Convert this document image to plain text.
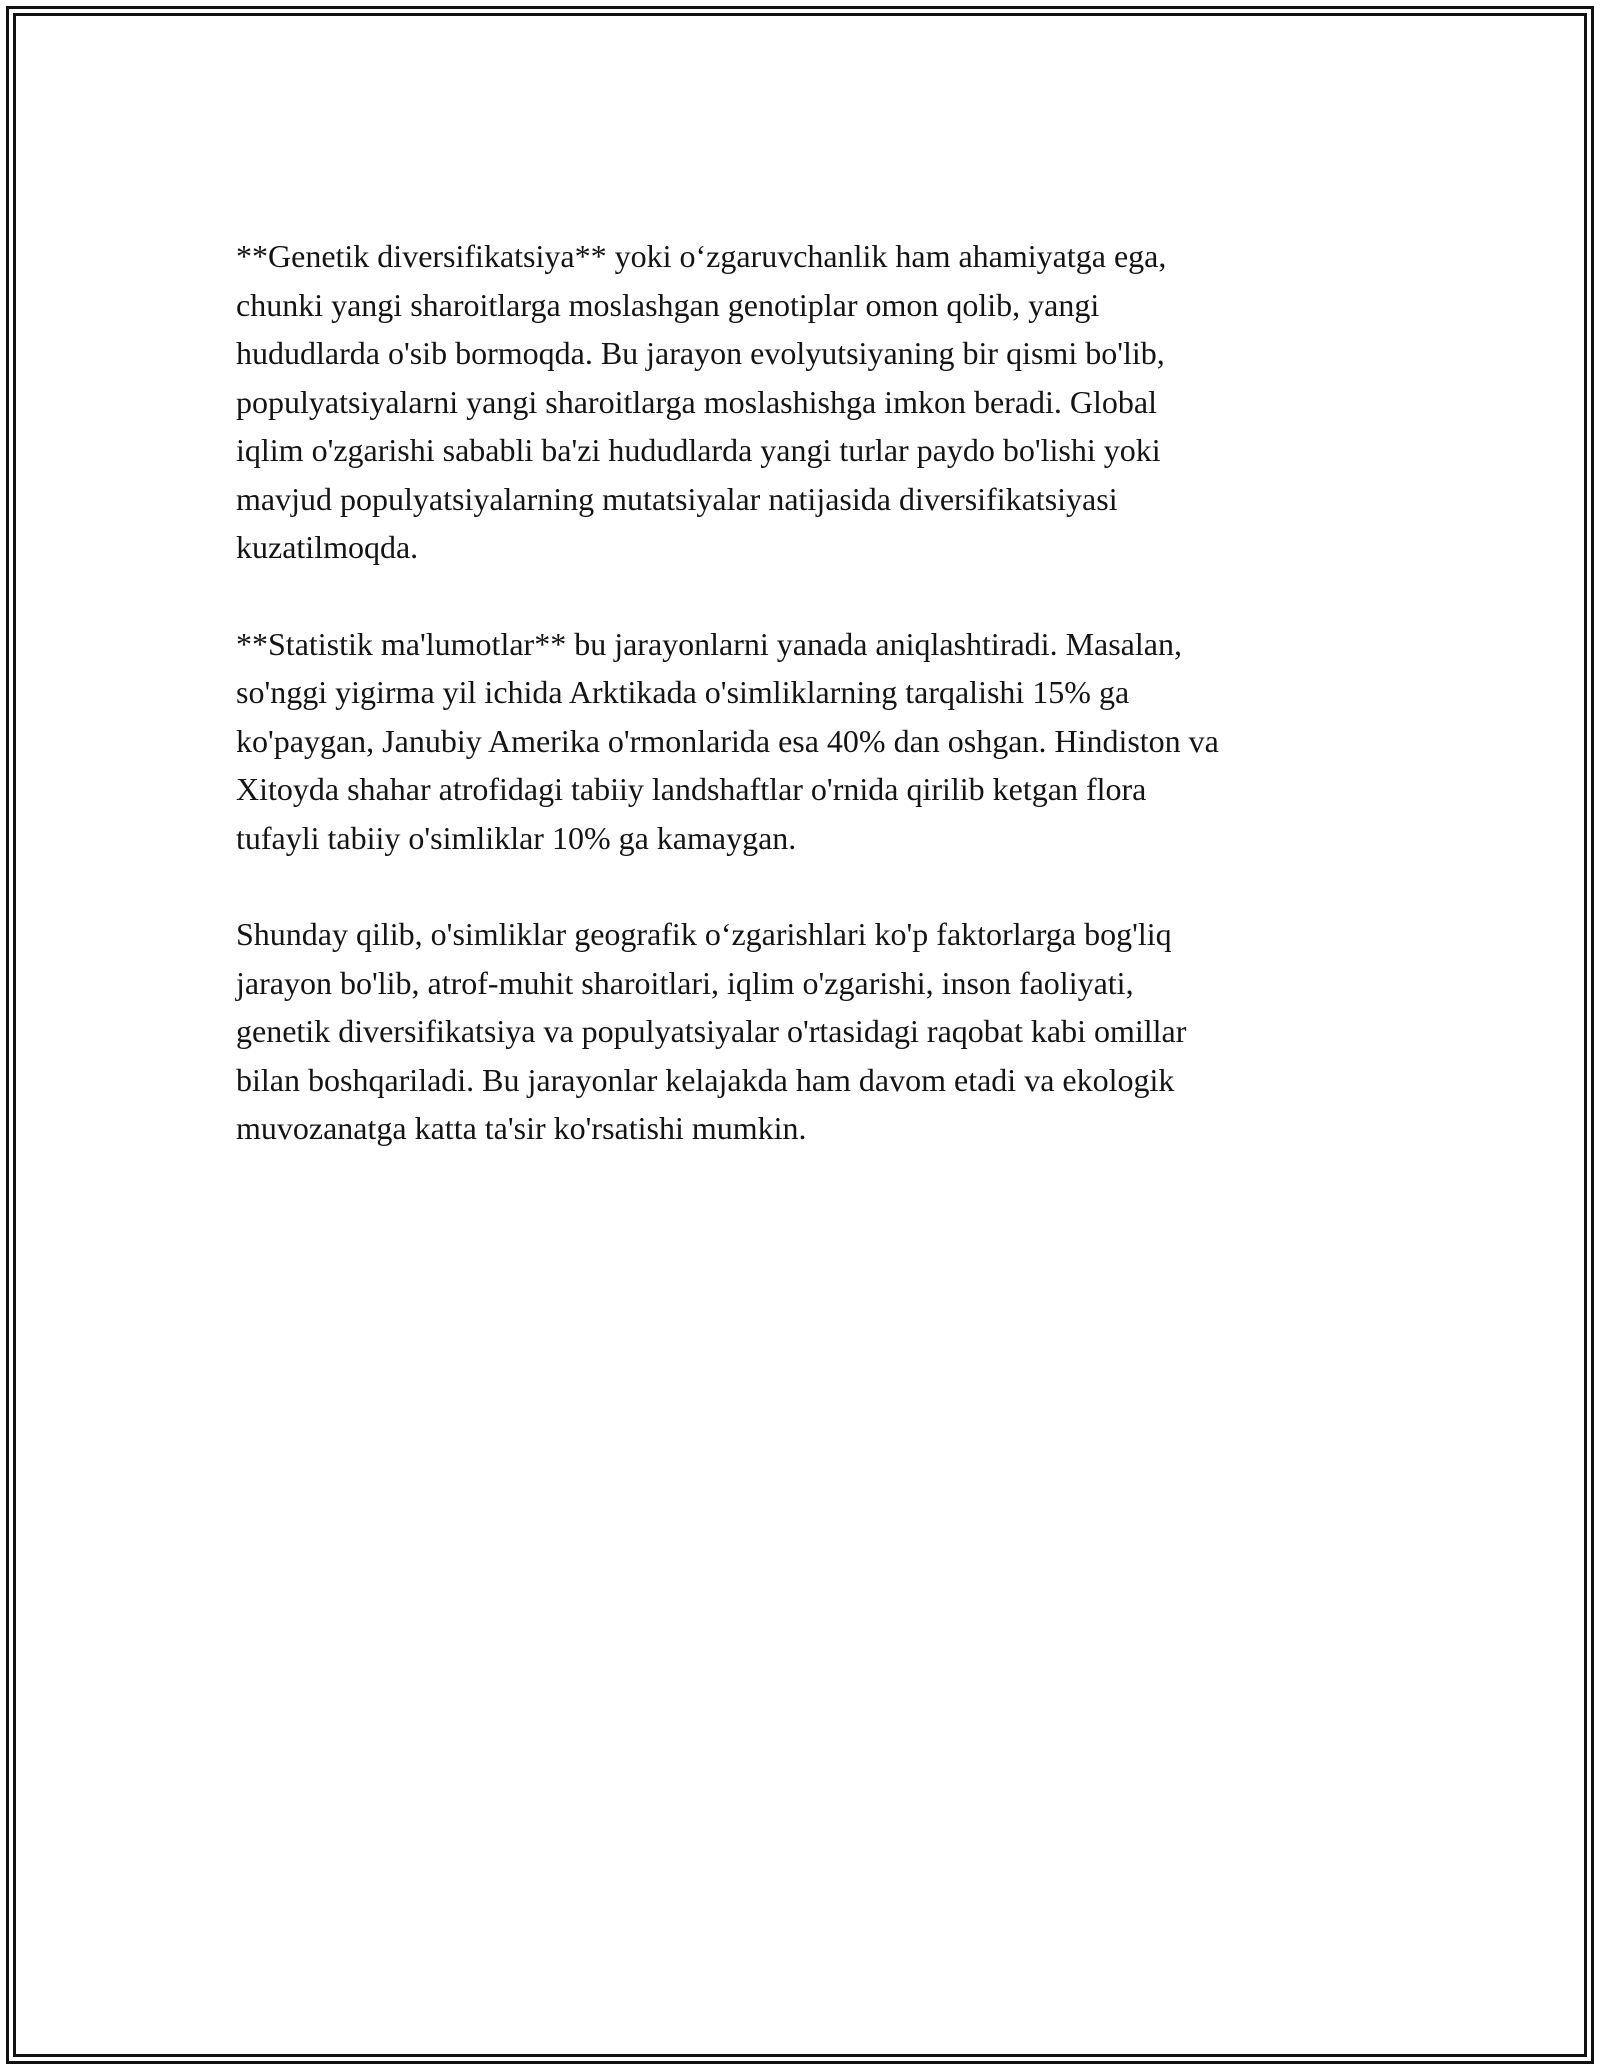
**Genetik diversifikatsiya** yoki o‘zgaruvchanlik ham ahamiyatga ega,
chunki yangi sharoitlarga moslashgan genotiplar omon qolib, yangi
hududlarda o'sib bormoqda. Bu jarayon evolyutsiyaning bir qismi bo'lib,
populyatsiyalarni yangi sharoitlarga moslashishga imkon beradi. Global
iqlim o'zgarishi sababli ba'zi hududlarda yangi turlar paydo bo'lishi yoki
mavjud populyatsiyalarning mutatsiyalar natijasida diversifikatsiyasi
kuzatilmoqda.

**Statistik ma'lumotlar** bu jarayonlarni yanada aniqlashtiradi. Masalan,
so'nggi yigirma yil ichida Arktikada o'simliklarning tarqalishi 15% ga
ko'paygan, Janubiy Amerika o'rmonlarida esa 40% dan oshgan. Hindiston va
Xitoyda shahar atrofidagi tabiiy landshaftlar o'rnida qirilib ketgan flora
tufayli tabiiy o'simliklar 10% ga kamaygan.

Shunday qilib, o'simliklar geografik o‘zgarishlari ko'p faktorlarga bog'liq
jarayon bo'lib, atrof-muhit sharoitlari, iqlim o'zgarishi, inson faoliyati,
genetik diversifikatsiya va populyatsiyalar o'rtasidagi raqobat kabi omillar
bilan boshqariladi. Bu jarayonlar kelajakda ham davom etadi va ekologik
muvozanatga katta ta'sir ko'rsatishi mumkin.
